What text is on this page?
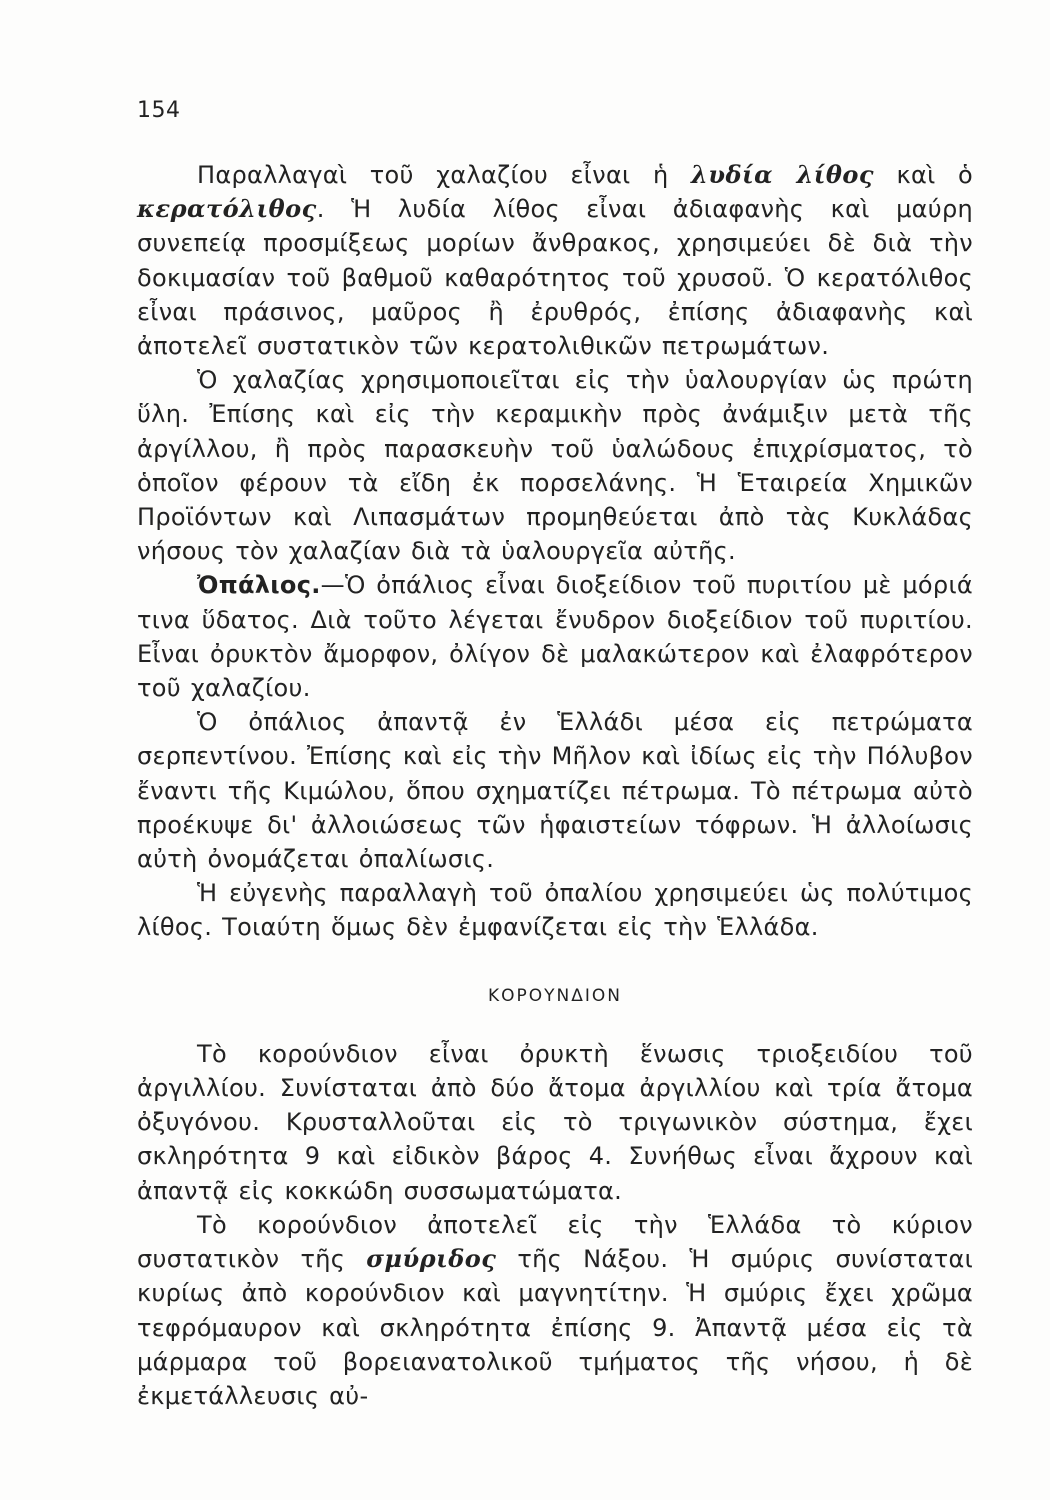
154

Παραλλαγαὶ τοῦ χαλαζίου εἶναι ἡ λυδία λίθος καὶ ὁ κερατόλιθος. Ἡ λυδία λίθος εἶναι ἀδιαφανὴς καὶ μαύρη συνεπείᾳ προσμίξεως μορίων ἄνθρακος, χρησιμεύει δὲ διὰ τὴν δοκιμασίαν τοῦ βαθμοῦ καθαρότητος τοῦ χρυσοῦ. Ὁ κερατόλιθος εἶναι πράσινος, μαῦρος ἢ ἐρυθρός, ἐπίσης ἀδιαφανὴς καὶ ἀποτελεῖ συστατικὸν τῶν κερατολιθικῶν πετρωμάτων.

Ὁ χαλαζίας χρησιμοποιεῖται εἰς τὴν ὑαλουργίαν ὡς πρώτη ὕλη. Ἐπίσης καὶ εἰς τὴν κεραμικὴν πρὸς ἀνάμιξιν μετὰ τῆς ἀργίλλου, ἢ πρὸς παρασκευὴν τοῦ ὑαλώδους ἐπιχρίσματος, τὸ ὁποῖον φέρουν τὰ εἴδη ἐκ πορσελάνης. Ἡ Ἑταιρεία Χημικῶν Προϊόντων καὶ Λιπασμάτων προμηθεύεται ἀπὸ τὰς Κυκλάδας νήσους τὸν χαλαζίαν διὰ τὰ ὑαλουργεῖα αὐτῆς.

Ὀπάλιος.—Ὁ ὀπάλιος εἶναι διοξείδιον τοῦ πυριτίου μὲ μόριά τινα ὕδατος. Διὰ τοῦτο λέγεται ἔνυδρον διοξείδιον τοῦ πυριτίου. Εἶναι ὀρυκτὸν ἄμορφον, ὀλίγον δὲ μαλακώτερον καὶ ἐλαφρότερον τοῦ χαλαζίου.

Ὁ ὀπάλιος ἀπαντᾷ ἐν Ἑλλάδι μέσα εἰς πετρώματα σερπεντίνου. Ἐπίσης καὶ εἰς τὴν Μῆλον καὶ ἰδίως εἰς τὴν Πόλυβον ἔναντι τῆς Κιμώλου, ὅπου σχηματίζει πέτρωμα. Τὸ πέτρωμα αὐτὸ προέκυψε δι' ἀλλοιώσεως τῶν ἡφαιστείων τόφρων. Ἡ ἀλλοίωσις αὐτὴ ὀνομάζεται ὀπαλίωσις.

Ἡ εὐγενὴς παραλλαγὴ τοῦ ὀπαλίου χρησιμεύει ὡς πολύτιμος λίθος. Τοιαύτη ὅμως δὲν ἐμφανίζεται εἰς τὴν Ἑλλάδα.

ΚΟΡΟΥΝΔΙΟΝ

Τὸ κορούνδιον εἶναι ὀρυκτὴ ἕνωσις τριοξειδίου τοῦ ἀργιλλίου. Συνίσταται ἀπὸ δύο ἄτομα ἀργιλλίου καὶ τρία ἄτομα ὀξυγόνου. Κρυσταλλοῦται εἰς τὸ τριγωνικὸν σύστημα, ἔχει σκληρότητα 9 καὶ εἰδικὸν βάρος 4. Συνήθως εἶναι ἄχρουν καὶ ἀπαντᾷ εἰς κοκκώδη συσσωματώματα.

Τὸ κορούνδιον ἀποτελεῖ εἰς τὴν Ἑλλάδα τὸ κύριον συστατικὸν τῆς σμύριδος τῆς Νάξου. Ἡ σμύρις συνίσταται κυρίως ἀπὸ κορούνδιον καὶ μαγνητίτην. Ἡ σμύρις ἔχει χρῶμα τεφρόμαυρον καὶ σκληρότητα ἐπίσης 9. Ἀπαντᾷ μέσα εἰς τὰ μάρμαρα τοῦ βορειανατολικοῦ τμήματος τῆς νήσου, ἡ δὲ ἐκμετάλλευσις αὐ-
